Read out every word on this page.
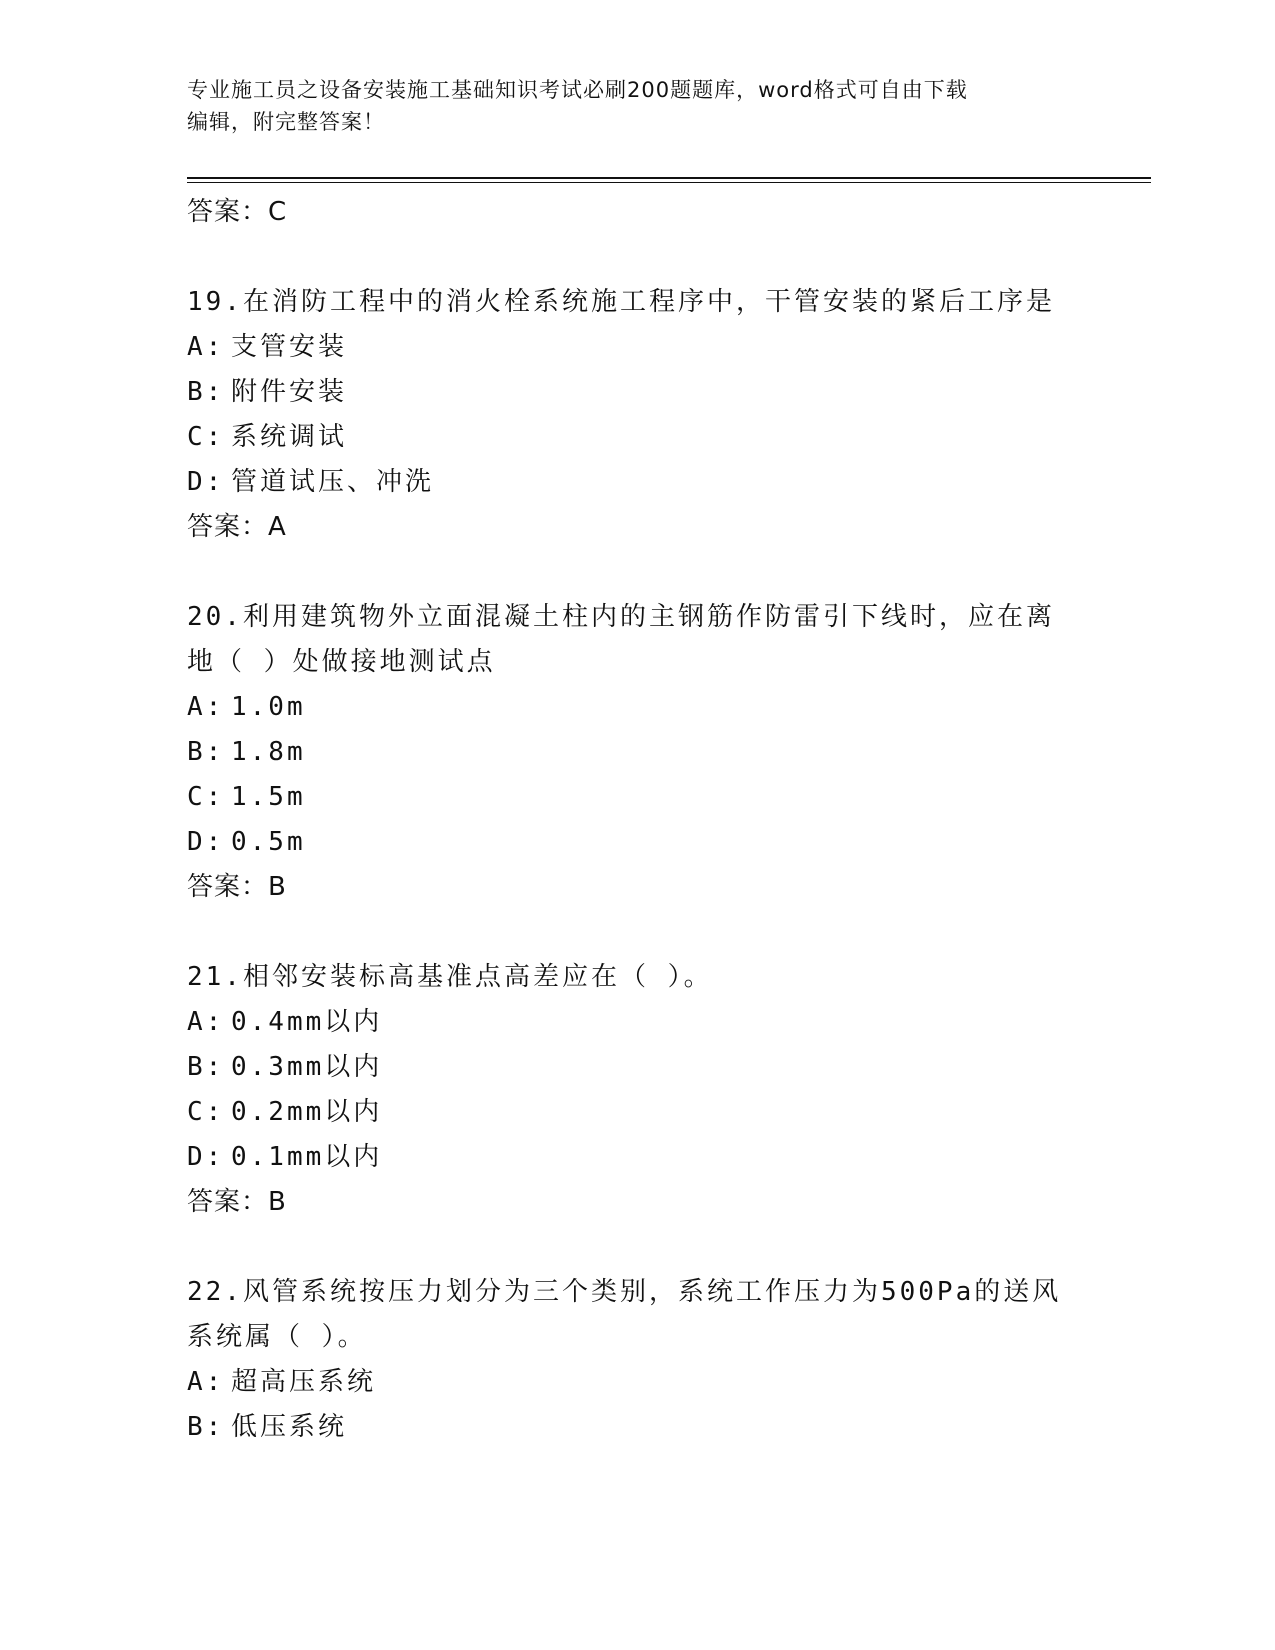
专业施工员之设备安装施工基础知识考试必刷200题题库，word格式可自由下载
编辑，附完整答案！
答案：C
19.在消防工程中的消火栓系统施工程序中，干管安装的紧后工序是
A: 支管安装
B: 附件安装
C: 系统调试
D: 管道试压、冲洗
答案：A
20.利用建筑物外立面混凝土柱内的主钢筋作防雷引下线时，应在离地（ ）处做接地测试点
A: 1.0m
B: 1.8m
C: 1.5m
D: 0.5m
答案：B
21.相邻安装标高基准点高差应在（ ）。
A: 0.4mm以内
B: 0.3mm以内
C: 0.2mm以内
D: 0.1mm以内
答案：B
22.风管系统按压力划分为三个类别，系统工作压力为500Pa的送风系统属（ ）。
A: 超高压系统
B: 低压系统
